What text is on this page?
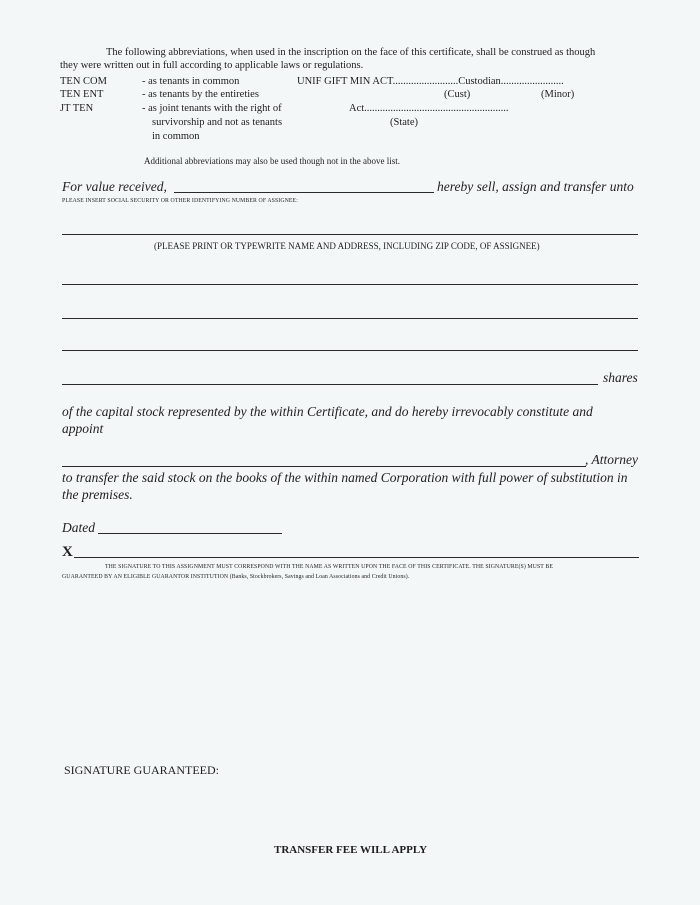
The following abbreviations, when used in the inscription on the face of this certificate, shall be construed as though
they were written out in full according to applicable laws or regulations.
TEN COM	- as tenants in common
TEN ENT	- as tenants by the entireties
JT TEN	- as joint tenants with the right of
survivorship and not as tenants
in common
UNIF GIFT MIN ACT.........................Custodian........................
(Cust)	(Minor)
Act.......................................................
(State)
Additional abbreviations may also be used though not in the above list.
For value received,	hereby sell, assign and transfer unto
PLEASE INSERT SOCIAL SECURITY OR OTHER IDENTIFYING NUMBER OF ASSIGNEE:
(PLEASE PRINT OR TYPEWRITE NAME AND ADDRESS, INCLUDING ZIP CODE, OF ASSIGNEE)
shares
of the capital stock represented by the within Certificate, and do hereby irrevocably constitute and
appoint
, Attorney
to transfer the said stock on the books of the within named Corporation with full power of substitution in
the premises.
Dated
X
THE SIGNATURE TO THIS ASSIGNMENT MUST CORRESPOND WITH THE NAME AS WRITTEN UPON THE FACE OF THIS CERTIFICATE. THE SIGNATURE(S) MUST BE
GUARANTEED BY AN ELIGIBLE GUARANTOR INSTITUTION (Banks, Stockbrokers, Savings and Loan Associations and Credit Unions).
SIGNATURE GUARANTEED:
TRANSFER FEE WILL APPLY
